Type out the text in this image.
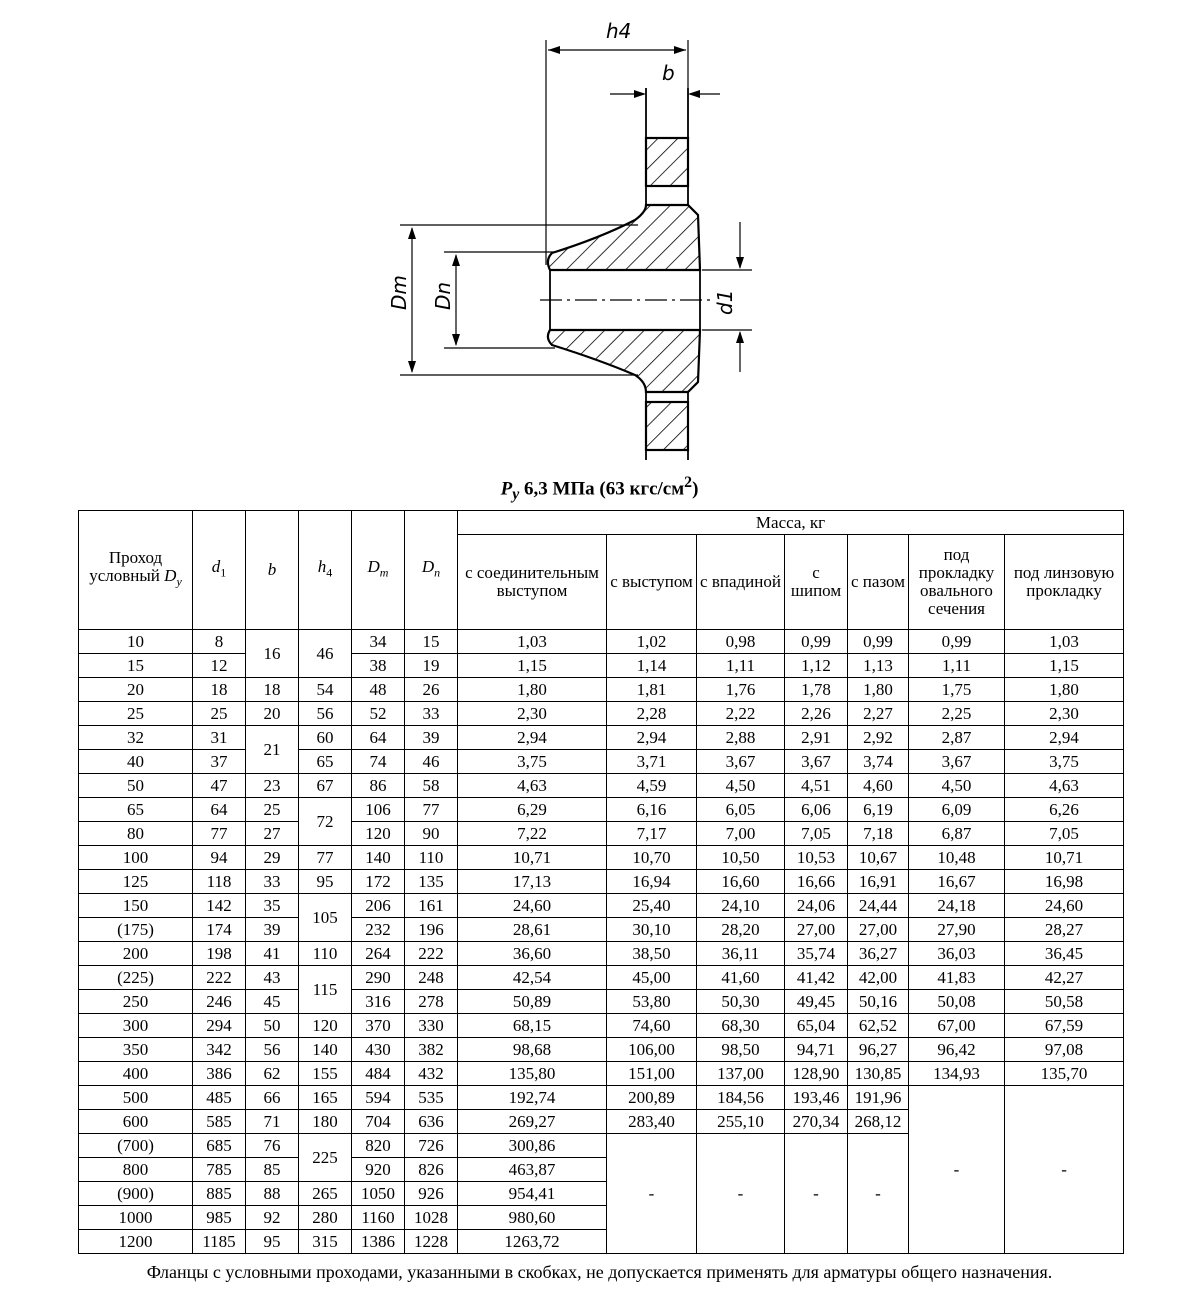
h4
b
Dm Dn	d1
$P_y$ 6,3 МПа (63 кгс/$см^2$)
Проход условный $D_y$	$d_1$	b	$h_4$	$D_m$	$D_n$	Масса, кг						
						с соединительным выступом	с выступом	с впадиной	с шипом	с пазом	под прокладку овального сечения	под линзовую прокладку
10	8	16	46	34	15	1,03	1,02	0,98	0,99	0,99	0,99	1,03
15	12			38	19	1,15	1,14	1,11	1,12	1,13	1,11	1,15
20	18	18	54	48	26	1,80	1,81	1,76	1,78	1,80	1,75	1,80
25	25	20	56	52	33	2,30	2,28	2,22	2,26	2,27	2,25	2,30
32	31	21	60	64	39	2,94	2,94	2,88	2,91	2,92	2,87	2,94
40	37		65	74	46	3,75	3,71	3,67	3,67	3,74	3,67	3,75
50	47	23	67	86	58	4,63	4,59	4,50	4,51	4,60	4,50	4,63
65	64	25	72	106	77	6,29	6,16	6,05	6,06	6,19	6,09	6,26
80	77	27		120	90	7,22	7,17	7,00	7,05	7,18	6,87	7,05
100	94	29	77	140	110	10,71	10,70	10,50	10,53	10,67	10,48	10,71
125	118	33	95	172	135	17,13	16,94	16,60	16,66	16,91	16,67	16,98
150	142	35	105	206	161	24,60	25,40	24,10	24,06	24,44	24,18	24,60
(175)	174	39		232	196	28,61	30,10	28,20	27,00	27,00	27,90	28,27
200	198	41	110	264	222	36,60	38,50	36,11	35,74	36,27	36,03	36,45
(225)	222	43	115	290	248	42,54	45,00	41,60	41,42	42,00	41,83	42,27
250	246	45		316	278	50,89	53,80	50,30	49,45	50,16	50,08	50,58
300	294	50	120	370	330	68,15	74,60	68,30	65,04	62,52	67,00	67,59
350	342	56	140	430	382	98,68	106,00	98,50	94,71	96,27	96,42	97,08
400	386	62	155	484	432	135,80	151,00	137,00	128,90	130,85	134,93	135,70
500	485	66	165	594	535	192,74	200,89	184,56	193,46	191,96	-	-
600	585	71	180	704	636	269,27	283,40	255,10	270,34	268,12		
(700)	685	76	225	820	726	300,86	-	-	-	-		
800	785	85		920	826	463,87						
(900)	885	88	265	1050	926	954,41						
1000	985	92	280	1160	1028	980,60						
1200	1185	95	315	1386	1228	1263,72						
Фланцы с условными проходами, указанными в скобках, не допускается применять для арматуры общего назначения.
